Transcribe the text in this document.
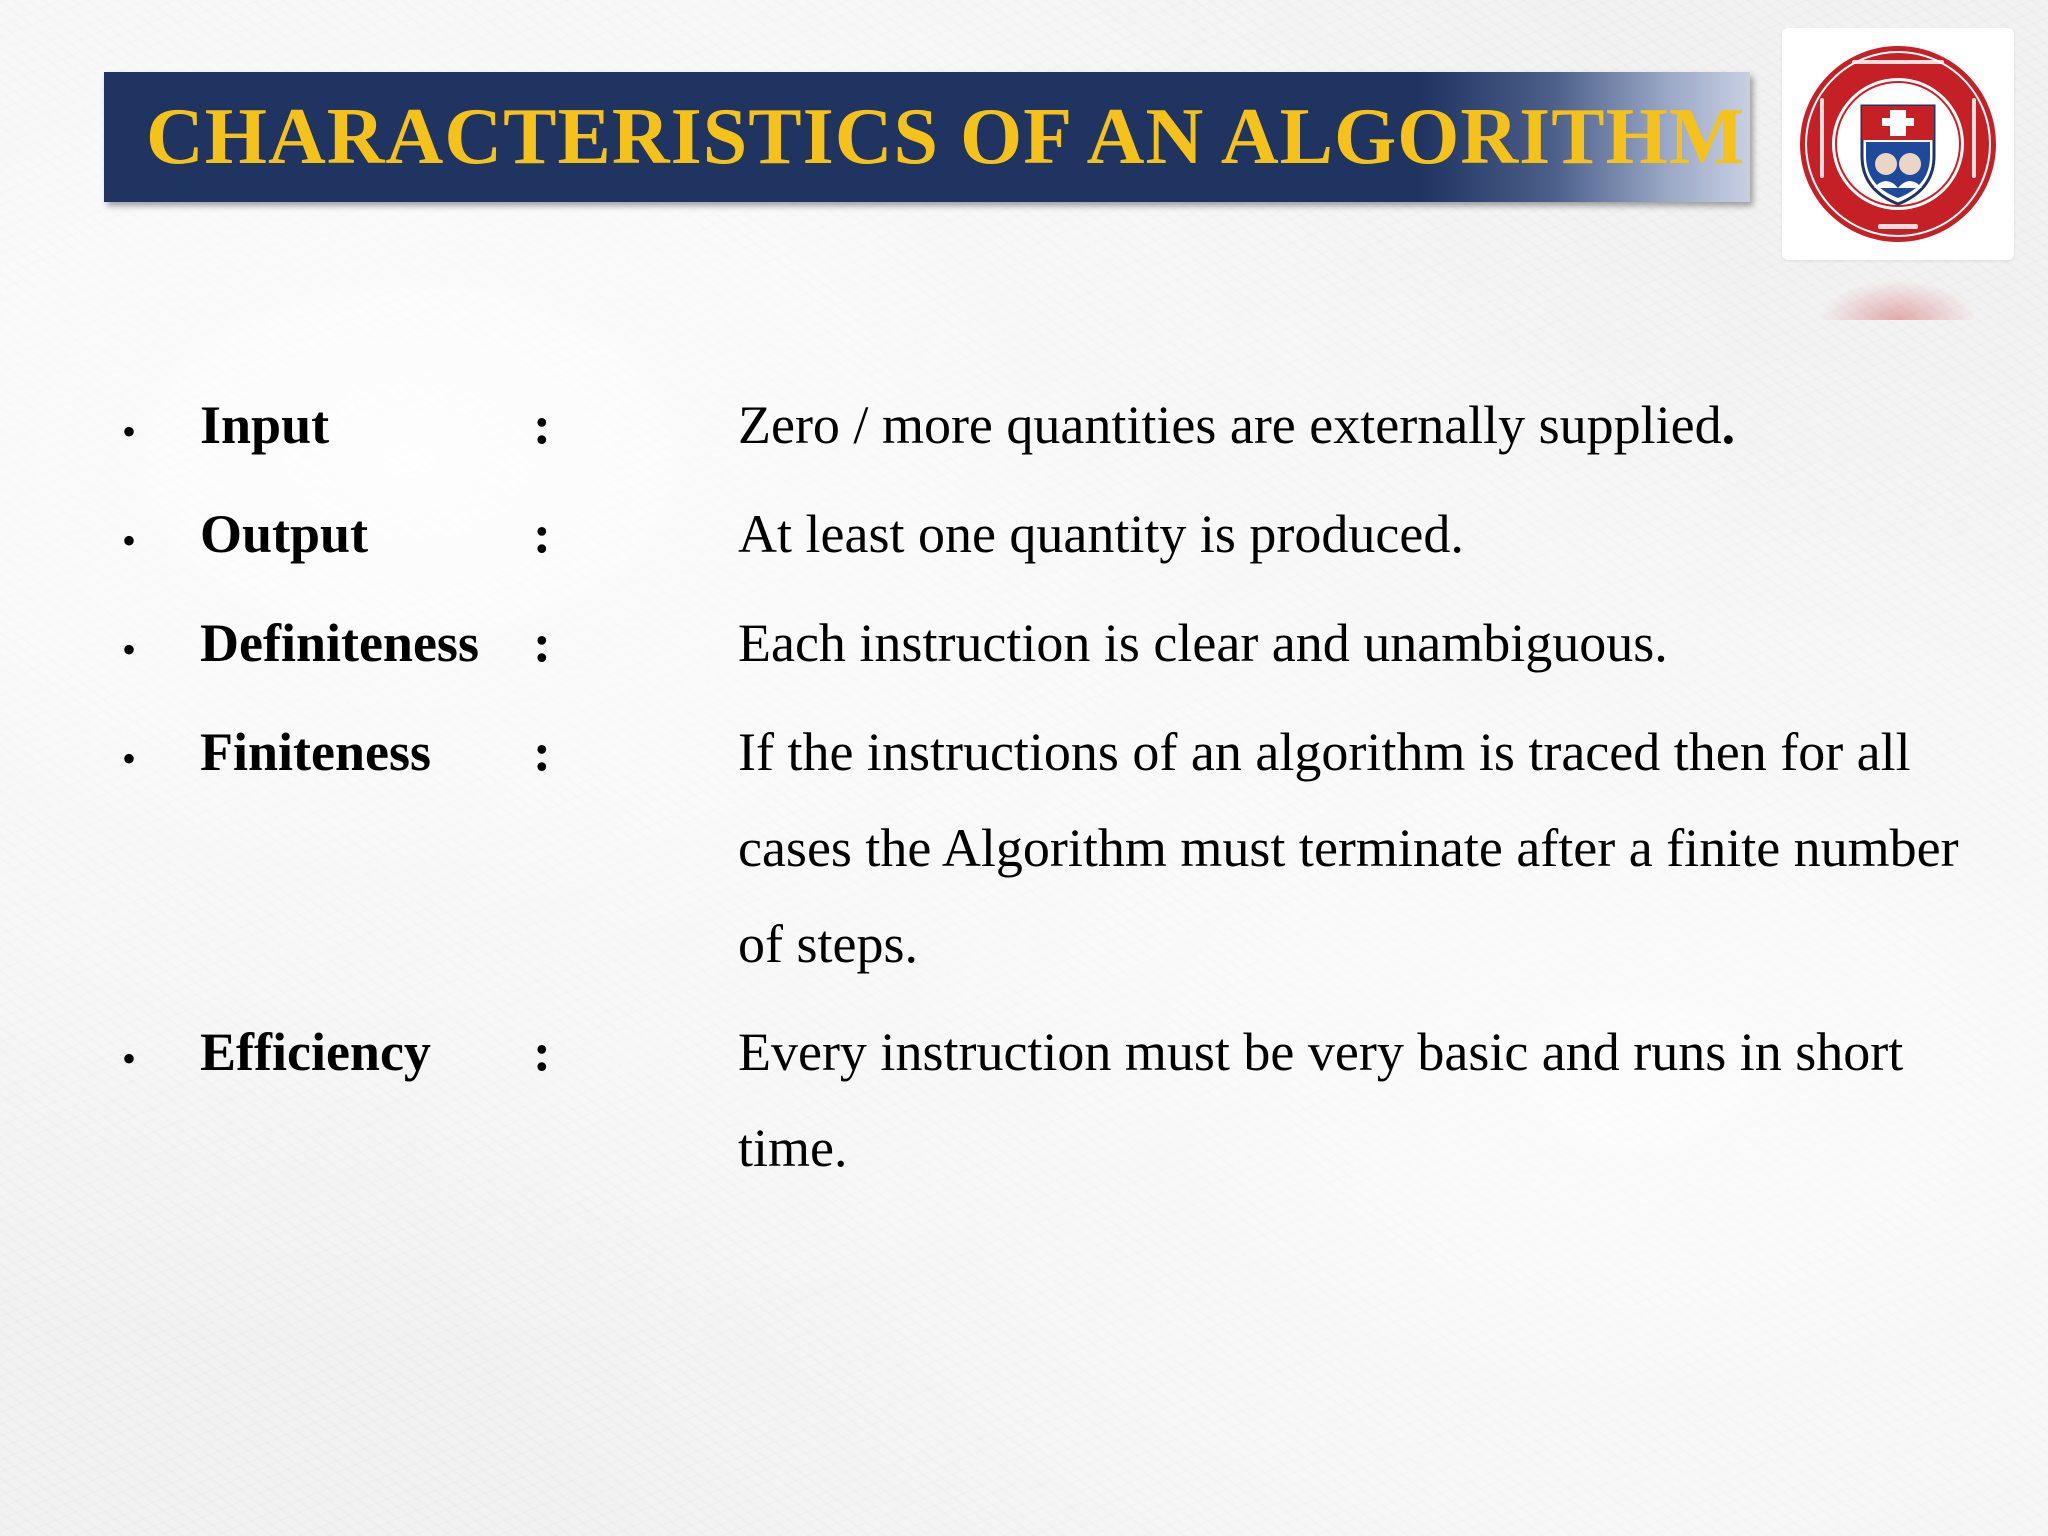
CHARACTERISTICS OF AN ALGORITHM
• Input	:	Zero / more quantities are externally supplied.
• Output	:	At least one quantity is produced.
• Definiteness :	Each instruction is clear and unambiguous.
• Finiteness :	If the instructions of an algorithm is traced then for all cases the Algorithm must terminate after a finite number of steps.
• Efficiency :	Every instruction must be very basic and runs in short time.
